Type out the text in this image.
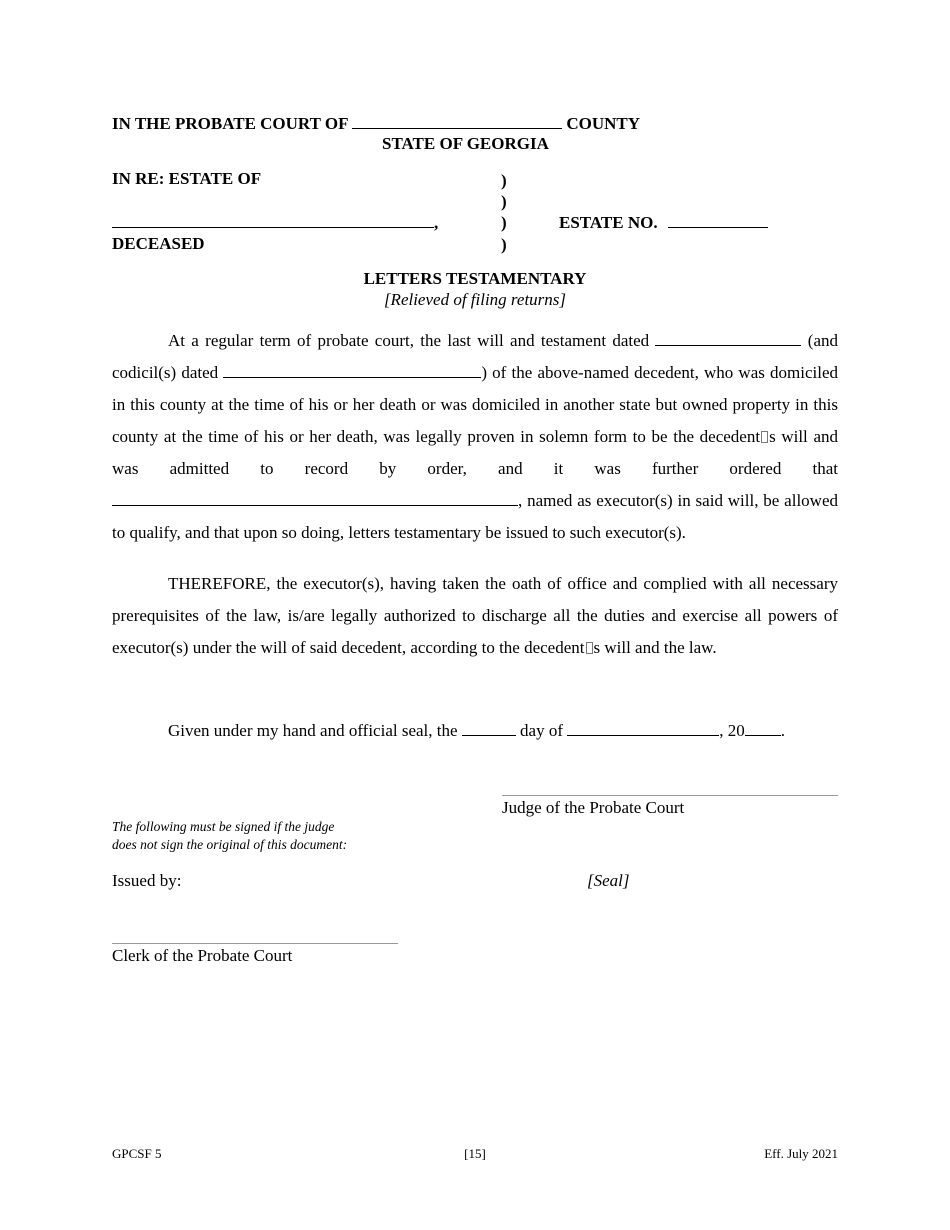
IN THE PROBATE COURT OF	COUNTY
STATE OF GEORGIA
IN RE: ESTATE OF	)
)
)
)
,	ESTATE NO.
DECEASED
LETTERS TESTAMENTARY
[Relieved of filing returns]
At a regular term of probate court, the last will and testament dated	(and codicil(s) dated	) of the above-named decedent, who was domiciled in this county at the time of his or her death or was domiciled in another state but owned property in this county at the time of his or her death, was legally proven in solemn form to be the decedent s will and was admitted to record by order, and it was further ordered that , named as executor(s) in said will, be allowed to qualify, and that upon so doing, letters testamentary be issued to such executor(s).
THEREFORE, the executor(s), having taken the oath of office and complied with all necessary prerequisites of the law, is/are legally authorized to discharge all the duties and exercise all powers of executor(s) under the will of said decedent, according to the decedent s will and the law.
Given under my hand and official seal, the	day of	, 20 .
Judge of the Probate Court
The following must be signed if the judge
does not sign the original of this document:
Issued by:	[Seal]
Clerk of the Probate Court
GPCSF 5	[15]	Eff. July 2021
